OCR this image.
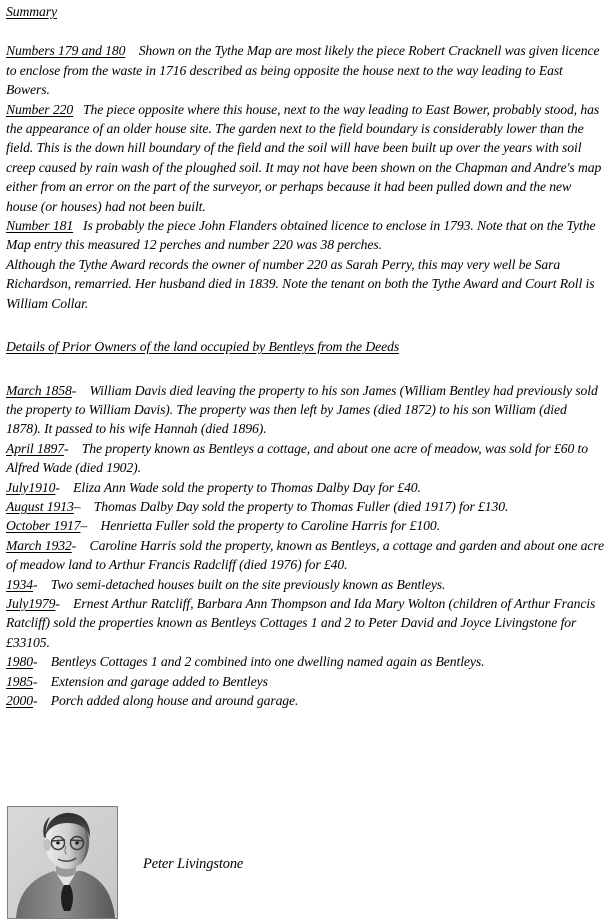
Summary

Numbers 179 and 180 Shown on the Tythe Map are most likely the piece Robert Cracknell was given licence to enclose from the waste in 1716 described as being opposite the house next to the way leading to East Bowers.

Number 220 The piece opposite where this house, next to the way leading to East Bower, probably stood, has the appearance of an older house site. The garden next to the field boundary is considerably lower than the field. This is the down hill boundary of the field and the soil will have been built up over the years with soil creep caused by rain wash of the ploughed soil. It may not have been shown on the Chapman and Andre's map either from an error on the part of the surveyor, or perhaps because it had been pulled down and the new house (or houses) had not been built.

Number 181 Is probably the piece John Flanders obtained licence to enclose in 1793. Note that on the Tythe Map entry this measured 12 perches and number 220 was 38 perches.

Although the Tythe Award records the owner of number 220 as Sarah Perry, this may very well be Sara Richardson, remarried. Her husband died in 1839. Note the tenant on both the Tythe Award and Court Roll is William Collar.

Details of Prior Owners of the land occupied by Bentleys from the Deeds

March 1858- William Davis died leaving the property to his son James (William Bentley had previously sold the property to William Davis). The property was then left by James (died 1872) to his son William (died 1878). It passed to his wife Hannah (died 1896).

April 1897- The property known as Bentleys a cottage, and about one acre of meadow, was sold for £60 to Alfred Wade (died 1902).

July1910- Eliza Ann Wade sold the property to Thomas Dalby Day for £40.

August 1913– Thomas Dalby Day sold the property to Thomas Fuller (died 1917) for £130.

October 1917– Henrietta Fuller sold the property to Caroline Harris for £100.

March 1932- Caroline Harris sold the property, known as Bentleys, a cottage and garden and about one acre of meadow land to Arthur Francis Radcliff (died 1976) for £40.

1934- Two semi-detached houses built on the site previously known as Bentleys.

July1979- Ernest Arthur Ratcliff, Barbara Ann Thompson and Ida Mary Wolton (children of Arthur Francis Ratcliff) sold the properties known as Bentleys Cottages 1 and 2 to Peter David and Joyce Livingstone for £33105.

1980- Bentleys Cottages 1 and 2 combined into one dwelling named again as Bentleys.

1985- Extension and garage added to Bentleys

2000- Porch added along house and around garage.

Peter Livingstone
